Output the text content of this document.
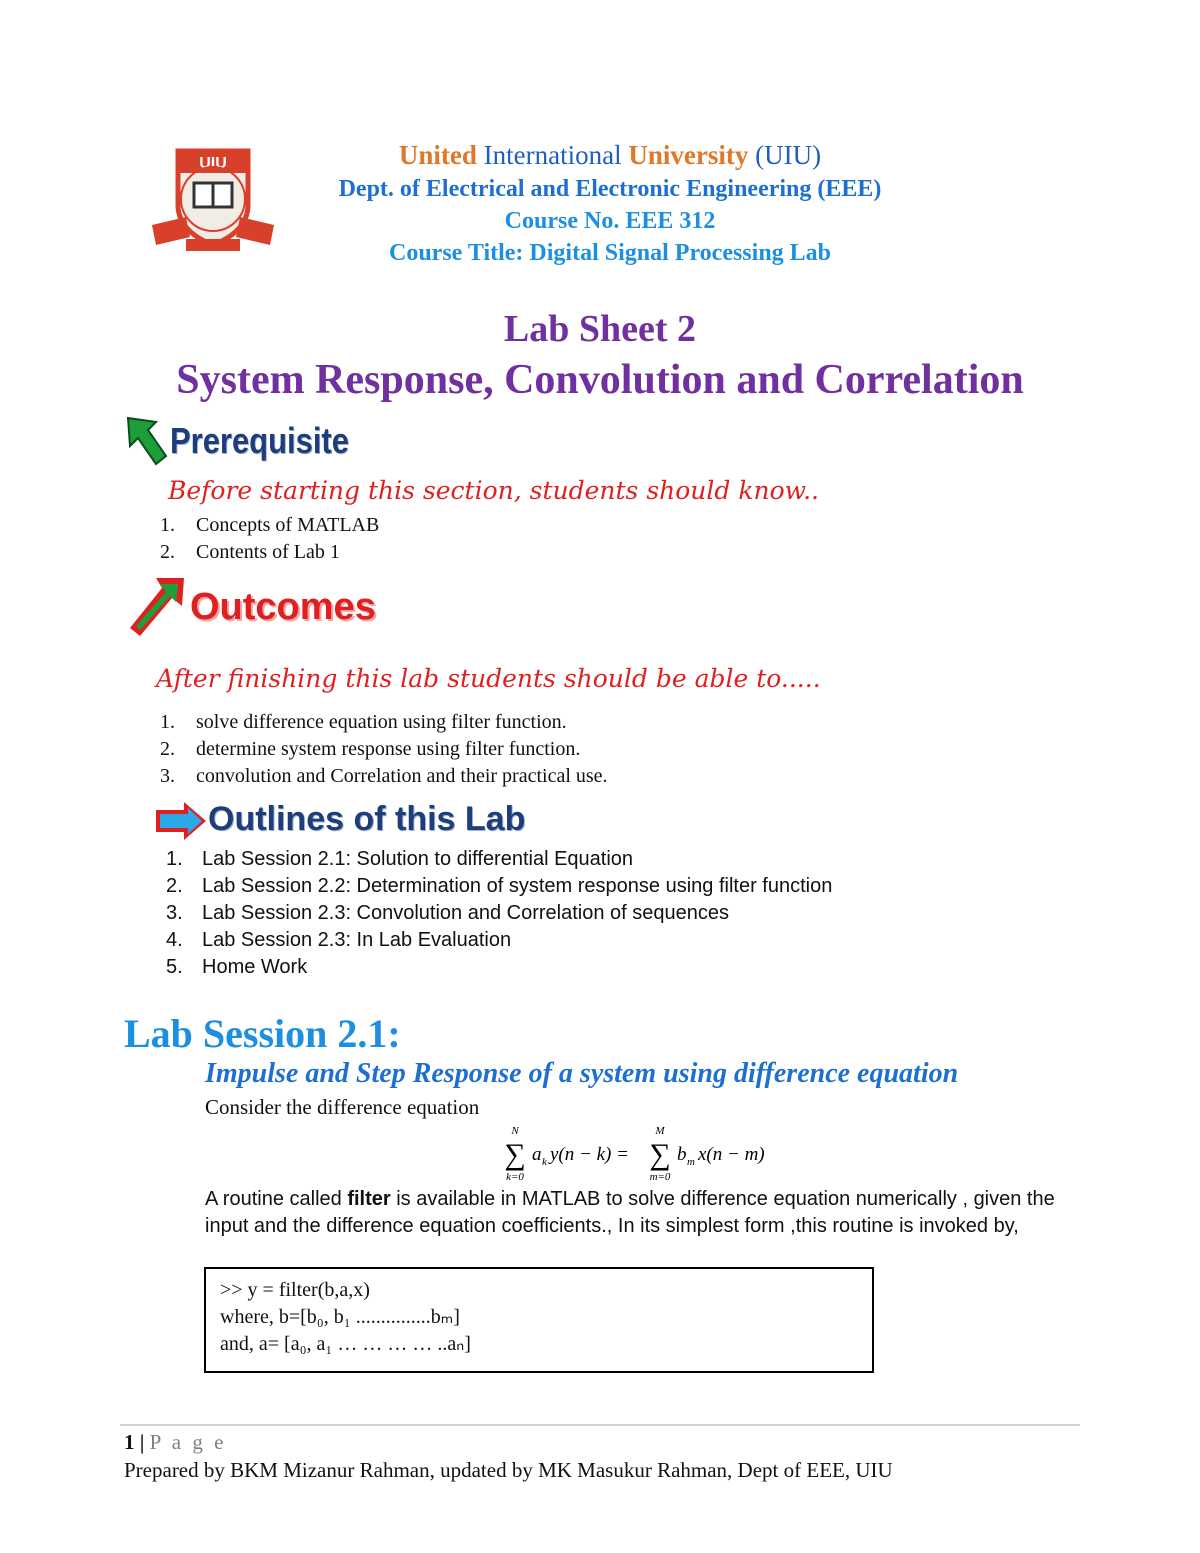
UIU	United International University (UIU)
Dept. of Electrical and Electronic Engineering (EEE)
Course No. EEE 312
Course Title: Digital Signal Processing Lab
Lab Sheet 2
System Response, Convolution and Correlation
Prerequisite
Before starting this section, students should know..
1. Concepts of MATLAB
2. Contents of Lab 1
Outcomes
After finishing this lab students should be able to.....
1. solve difference equation using filter function.
2. determine system response using filter function.
3. convolution and Correlation and their practical use.
Outlines of this Lab
1. Lab Session 2.1: Solution to differential Equation
2. Lab Session 2.2: Determination of system response using filter function
3. Lab Session 2.3: Convolution and Correlation of sequences
4. Lab Session 2.3: In Lab Evaluation
5. Home Work
Lab Session 2.1:
Impulse and Step Response of a system using difference equation
Consider the difference equation
N
∑
k=0
a k y(n − k) =
M
∑
m=0
b m x(n − m)
A routine called filter is available in MATLAB to solve difference equation numerically , given the input and the difference equation coefficients., In its simplest form ,this routine is invoked by,
>> y = filter(b,a,x)
where, b=[b₀, b₁ ...............bₘ]
and, a= [a₀, a₁ … … … … ..aₙ]
1 | P a g e
Prepared by BKM Mizanur Rahman, updated by MK Masukur Rahman, Dept of EEE, UIU
